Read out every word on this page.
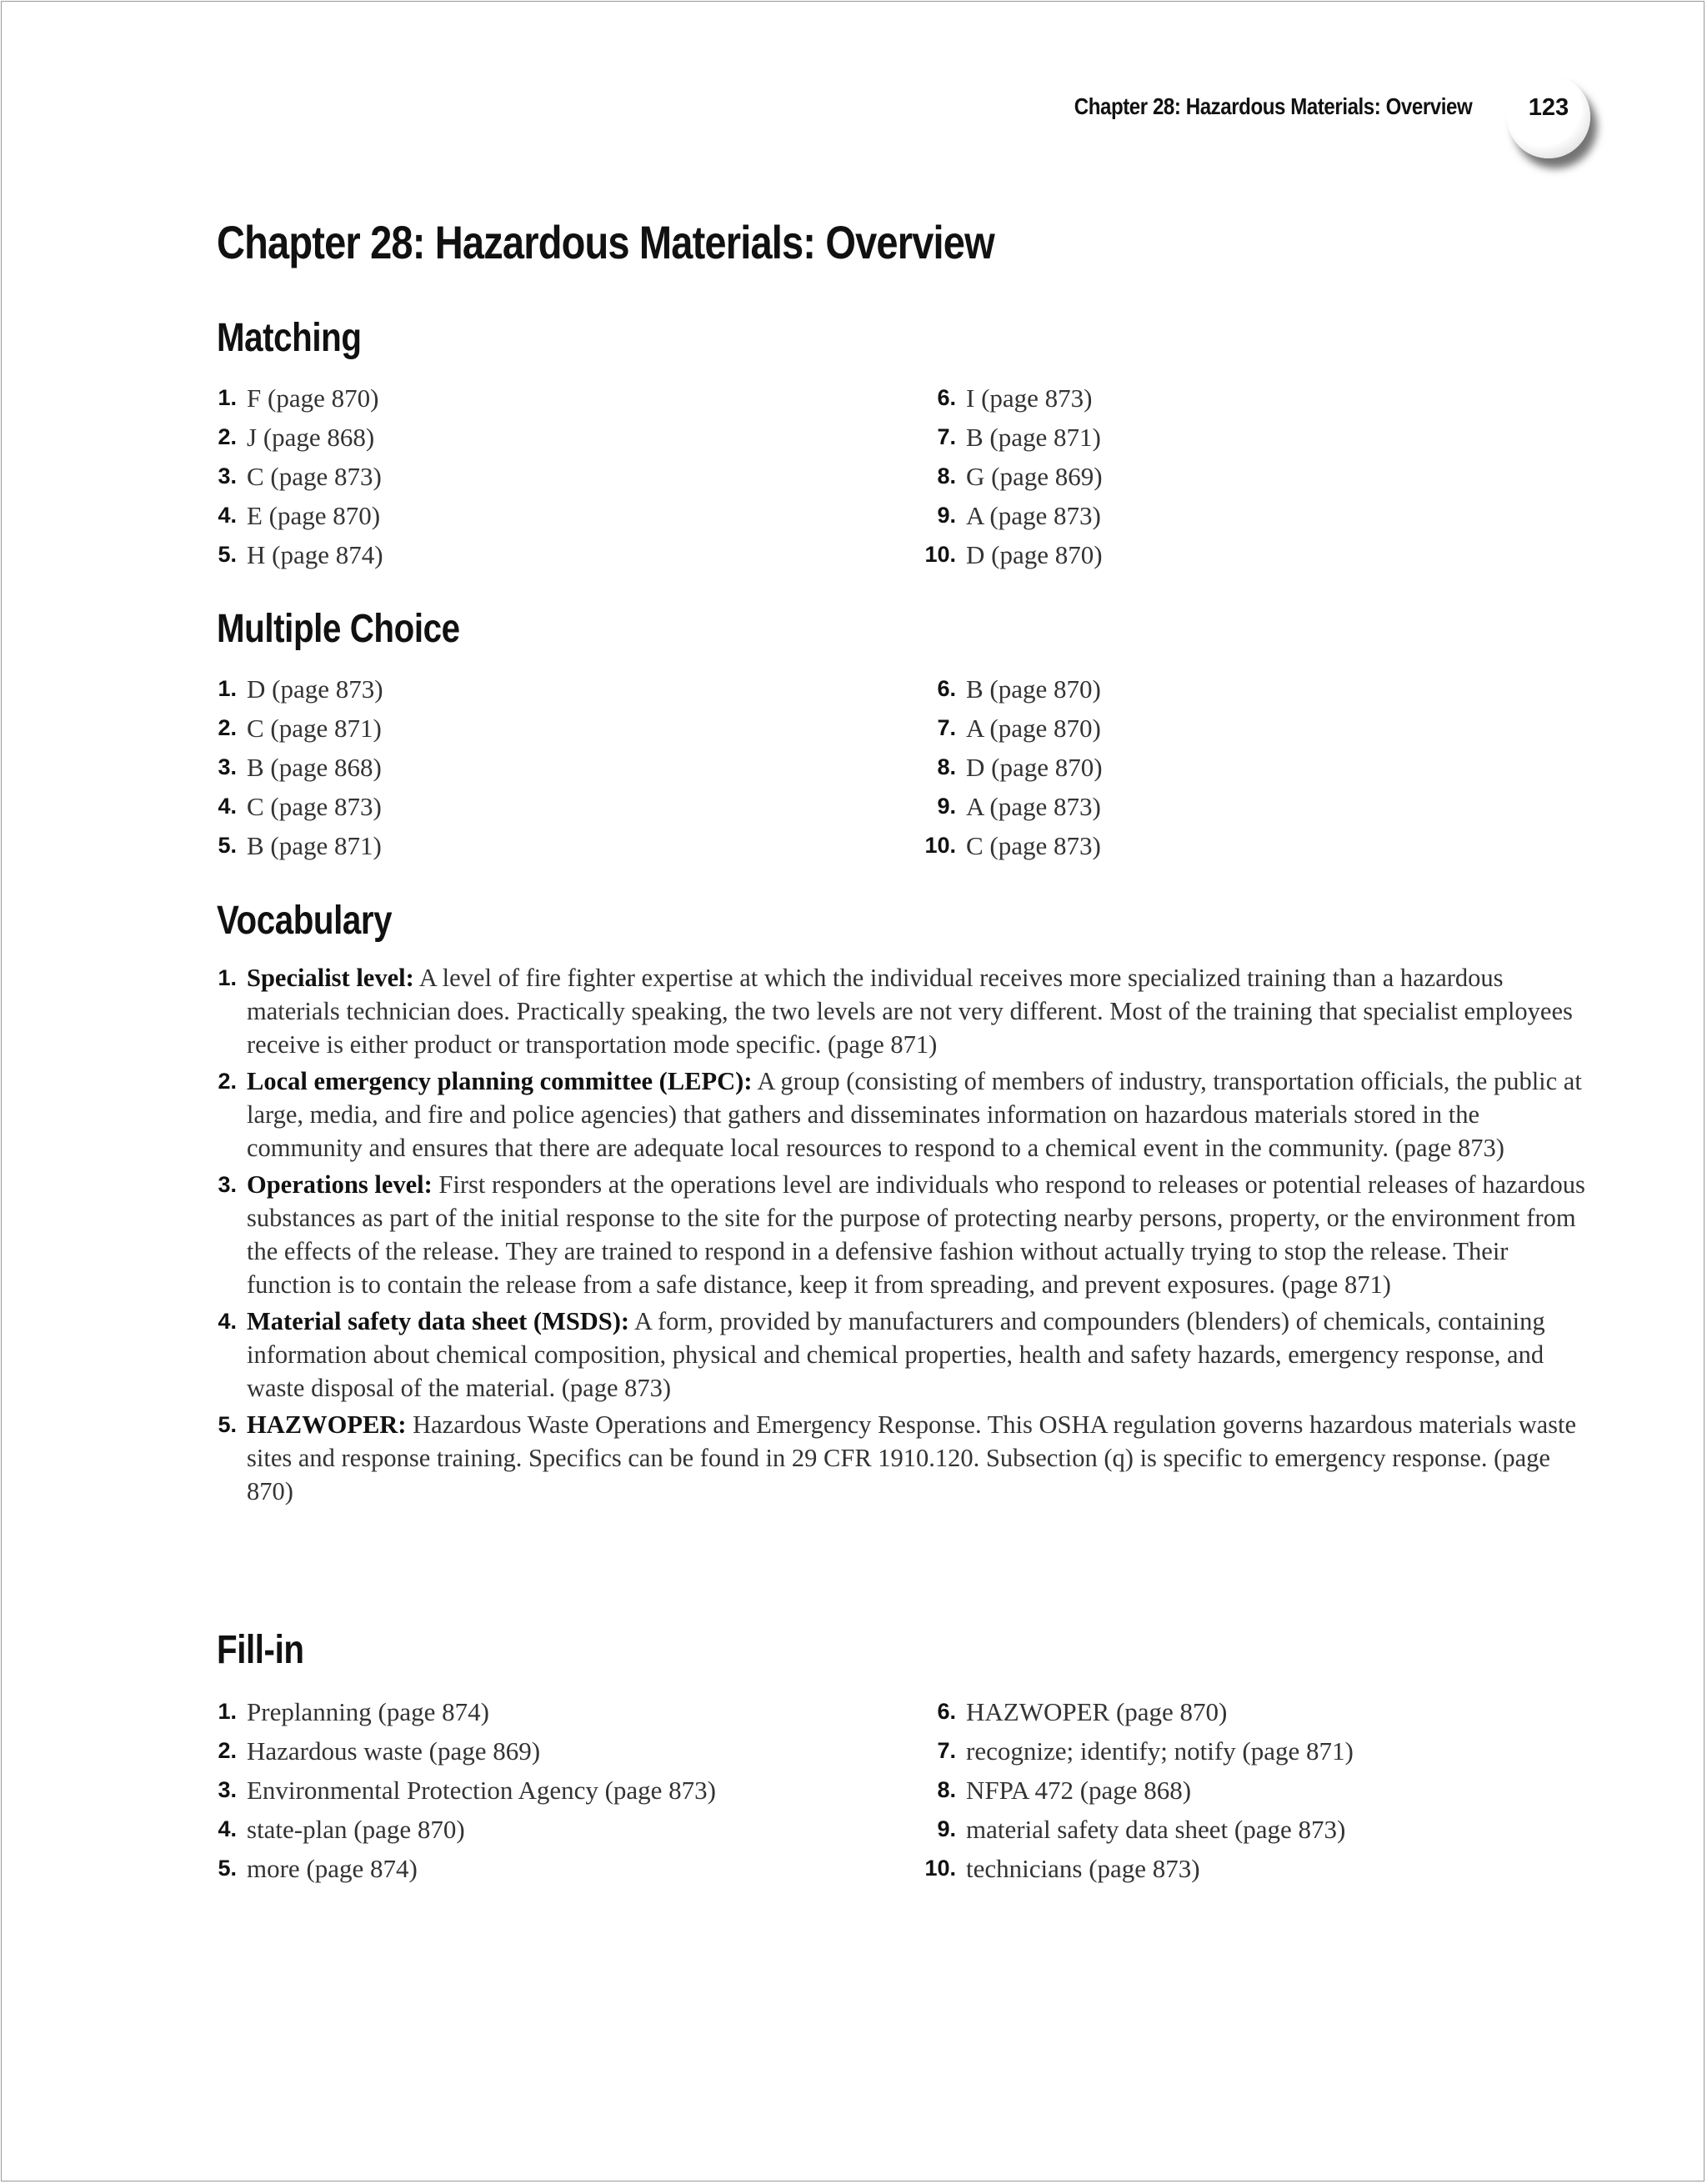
Chapter 28: Hazardous Materials: Overview	123
Chapter 28: Hazardous Materials: Overview
Matching
1. F (page 870)
2. J (page 868)
3. C (page 873)
4. E (page 870)
5. H (page 874)
6. I (page 873)
7. B (page 871)
8. G (page 869)
9. A (page 873)
10. D (page 870)
Multiple Choice
1. D (page 873)
2. C (page 871)
3. B (page 868)
4. C (page 873)
5. B (page 871)
6. B (page 870)
7. A (page 870)
8. D (page 870)
9. A (page 873)
10. C (page 873)
Vocabulary
1. Specialist level: A level of fire fighter expertise at which the individual receives more specialized training than a hazardous materials technician does. Practically speaking, the two levels are not very different. Most of the training that specialist employees receive is either product or transportation mode specific. (page 871)
2. Local emergency planning committee (LEPC): A group (consisting of members of industry, transportation officials, the public at large, media, and fire and police agencies) that gathers and disseminates information on hazardous materials stored in the community and ensures that there are adequate local resources to respond to a chemical event in the community. (page 873)
3. Operations level: First responders at the operations level are individuals who respond to releases or potential releases of hazardous substances as part of the initial response to the site for the purpose of protecting nearby persons, property, or the environment from the effects of the release. They are trained to respond in a defensive fashion without actually trying to stop the release. Their function is to contain the release from a safe distance, keep it from spreading, and prevent exposures. (page 871)
4. Material safety data sheet (MSDS): A form, provided by manufacturers and compounders (blenders) of chemicals, containing information about chemical composition, physical and chemical properties, health and safety hazards, emergency response, and waste disposal of the material. (page 873)
5. HAZWOPER: Hazardous Waste Operations and Emergency Response. This OSHA regulation governs hazardous materials waste sites and response training. Specifics can be found in 29 CFR 1910.120. Subsection (q) is specific to emergency response. (page 870)
Fill-in
1. Preplanning (page 874)
2. Hazardous waste (page 869)
3. Environmental Protection Agency (page 873)
4. state-plan (page 870)
5. more (page 874)
6. HAZWOPER (page 870)
7. recognize; identify; notify (page 871)
8. NFPA 472 (page 868)
9. material safety data sheet (page 873)
10. technicians (page 873)
